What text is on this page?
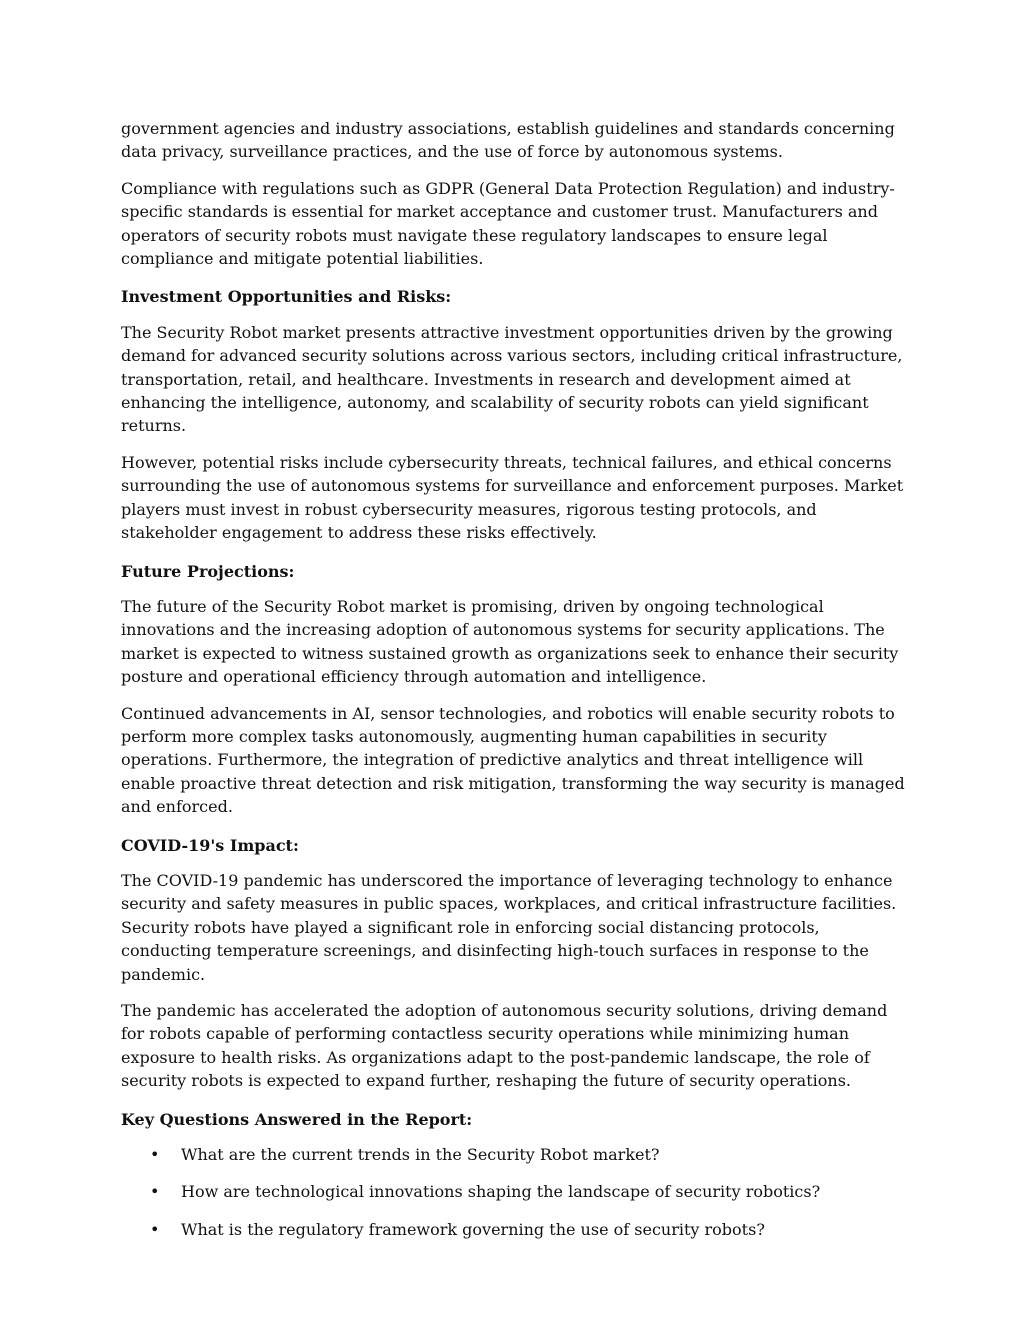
government agencies and industry associations, establish guidelines and standards concerning data privacy, surveillance practices, and the use of force by autonomous systems.

Compliance with regulations such as GDPR (General Data Protection Regulation) and industry-specific standards is essential for market acceptance and customer trust. Manufacturers and operators of security robots must navigate these regulatory landscapes to ensure legal compliance and mitigate potential liabilities.

Investment Opportunities and Risks:

The Security Robot market presents attractive investment opportunities driven by the growing demand for advanced security solutions across various sectors, including critical infrastructure, transportation, retail, and healthcare. Investments in research and development aimed at enhancing the intelligence, autonomy, and scalability of security robots can yield significant returns.

However, potential risks include cybersecurity threats, technical failures, and ethical concerns surrounding the use of autonomous systems for surveillance and enforcement purposes. Market players must invest in robust cybersecurity measures, rigorous testing protocols, and stakeholder engagement to address these risks effectively.

Future Projections:

The future of the Security Robot market is promising, driven by ongoing technological innovations and the increasing adoption of autonomous systems for security applications. The market is expected to witness sustained growth as organizations seek to enhance their security posture and operational efficiency through automation and intelligence.

Continued advancements in AI, sensor technologies, and robotics will enable security robots to perform more complex tasks autonomously, augmenting human capabilities in security operations. Furthermore, the integration of predictive analytics and threat intelligence will enable proactive threat detection and risk mitigation, transforming the way security is managed and enforced.

COVID-19's Impact:

The COVID-19 pandemic has underscored the importance of leveraging technology to enhance security and safety measures in public spaces, workplaces, and critical infrastructure facilities. Security robots have played a significant role in enforcing social distancing protocols, conducting temperature screenings, and disinfecting high-touch surfaces in response to the pandemic.

The pandemic has accelerated the adoption of autonomous security solutions, driving demand for robots capable of performing contactless security operations while minimizing human exposure to health risks. As organizations adapt to the post-pandemic landscape, the role of security robots is expected to expand further, reshaping the future of security operations.

Key Questions Answered in the Report:
• What are the current trends in the Security Robot market?
• How are technological innovations shaping the landscape of security robotics?
• What is the regulatory framework governing the use of security robots?
